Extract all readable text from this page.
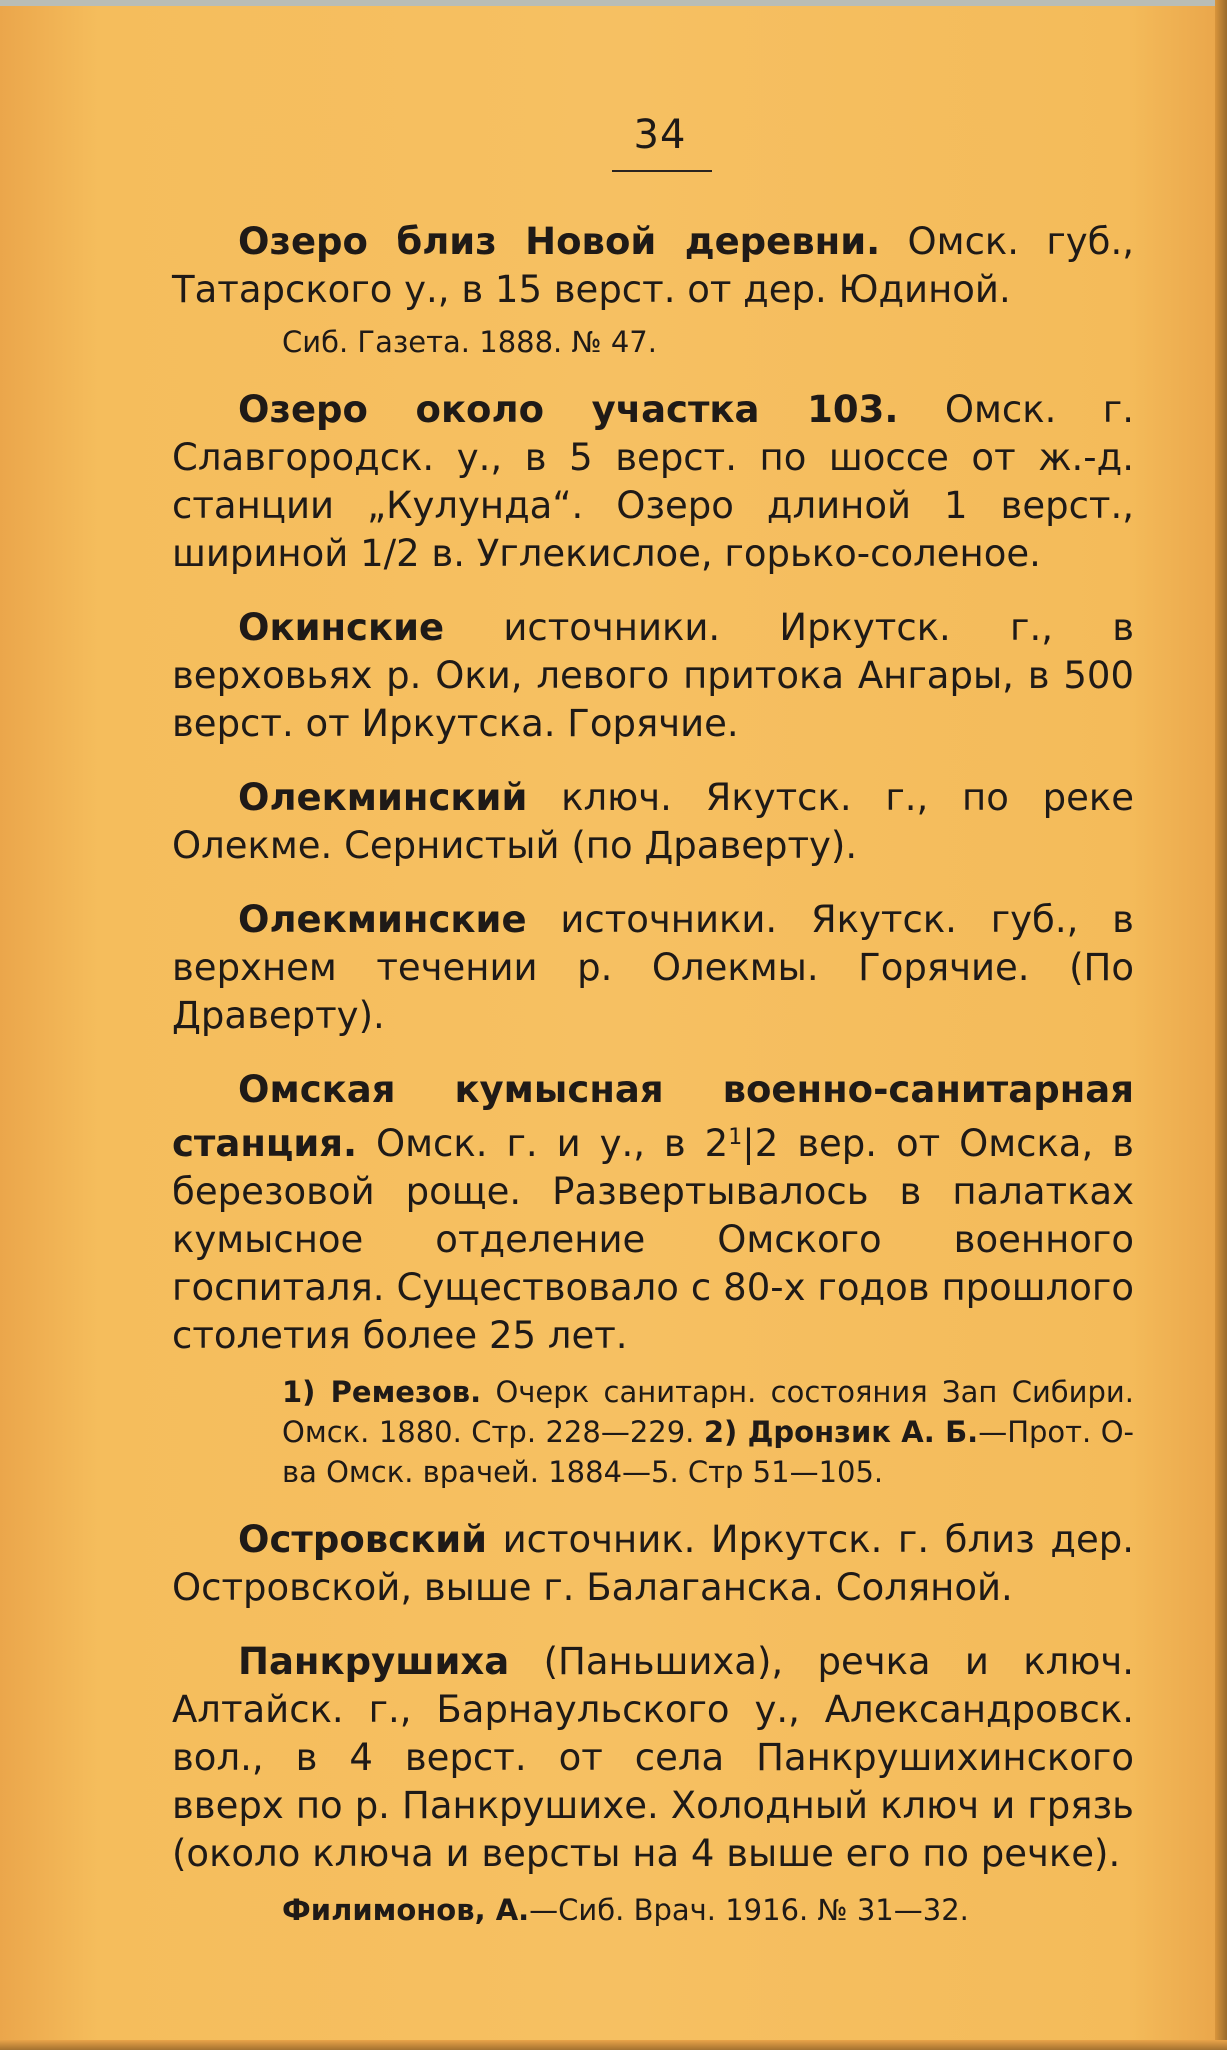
34

Озеро близ Новой деревни. Омск. губ., Татарского у., в 15 верст. от дер. Юдиной.

Сиб. Газета. 1888. № 47.

Озеро около участка 103. Омск. г. Славгородск. у., в 5 верст. по шоссе от ж.-д. станции „Кулунда“. Озеро длиной 1 верст., шириной 1/2 в. Углекислое, горько-соленое.

Окинские источники. Иркутск. г., в верховьях р. Оки, левого притока Ангары, в 500 верст. от Иркутска. Горячие.

Олекминский ключ. Якутск. г., по реке Олекме. Сернистый (по Драверту).

Олекминские источники. Якутск. губ., в верхнем течении р. Олекмы. Горячие. (По Драверту).

Омская кумысная военно-санитарная станция. Омск. г. и у., в $2^1|2$ вер. от Омска, в березовой роще. Развертывалось в палатках кумысное отделение Омского военного госпиталя. Существовало с 80-х годов прошлого столетия более 25 лет.

1) Ремезов. Очерк санитарн. состояния Зап Сибири. Омск. 1880. Стр. 228—229. 2) Дронзик А. Б.—Прот. О-ва Омск. врачей. 1884—5. Стр 51—105.

Островский источник. Иркутск. г. близ дер. Островской, выше г. Балаганска. Соляной.

Панкрушиха (Паньшиха), речка и ключ. Алтайск. г., Барнаульского у., Александровск. вол., в 4 верст. от села Панкрушихинского вверх по р. Панкрушихе. Холодный ключ и грязь (около ключа и версты на 4 выше его по речке).

Филимонов, А.—Сиб. Врач. 1916. № 31—32.
